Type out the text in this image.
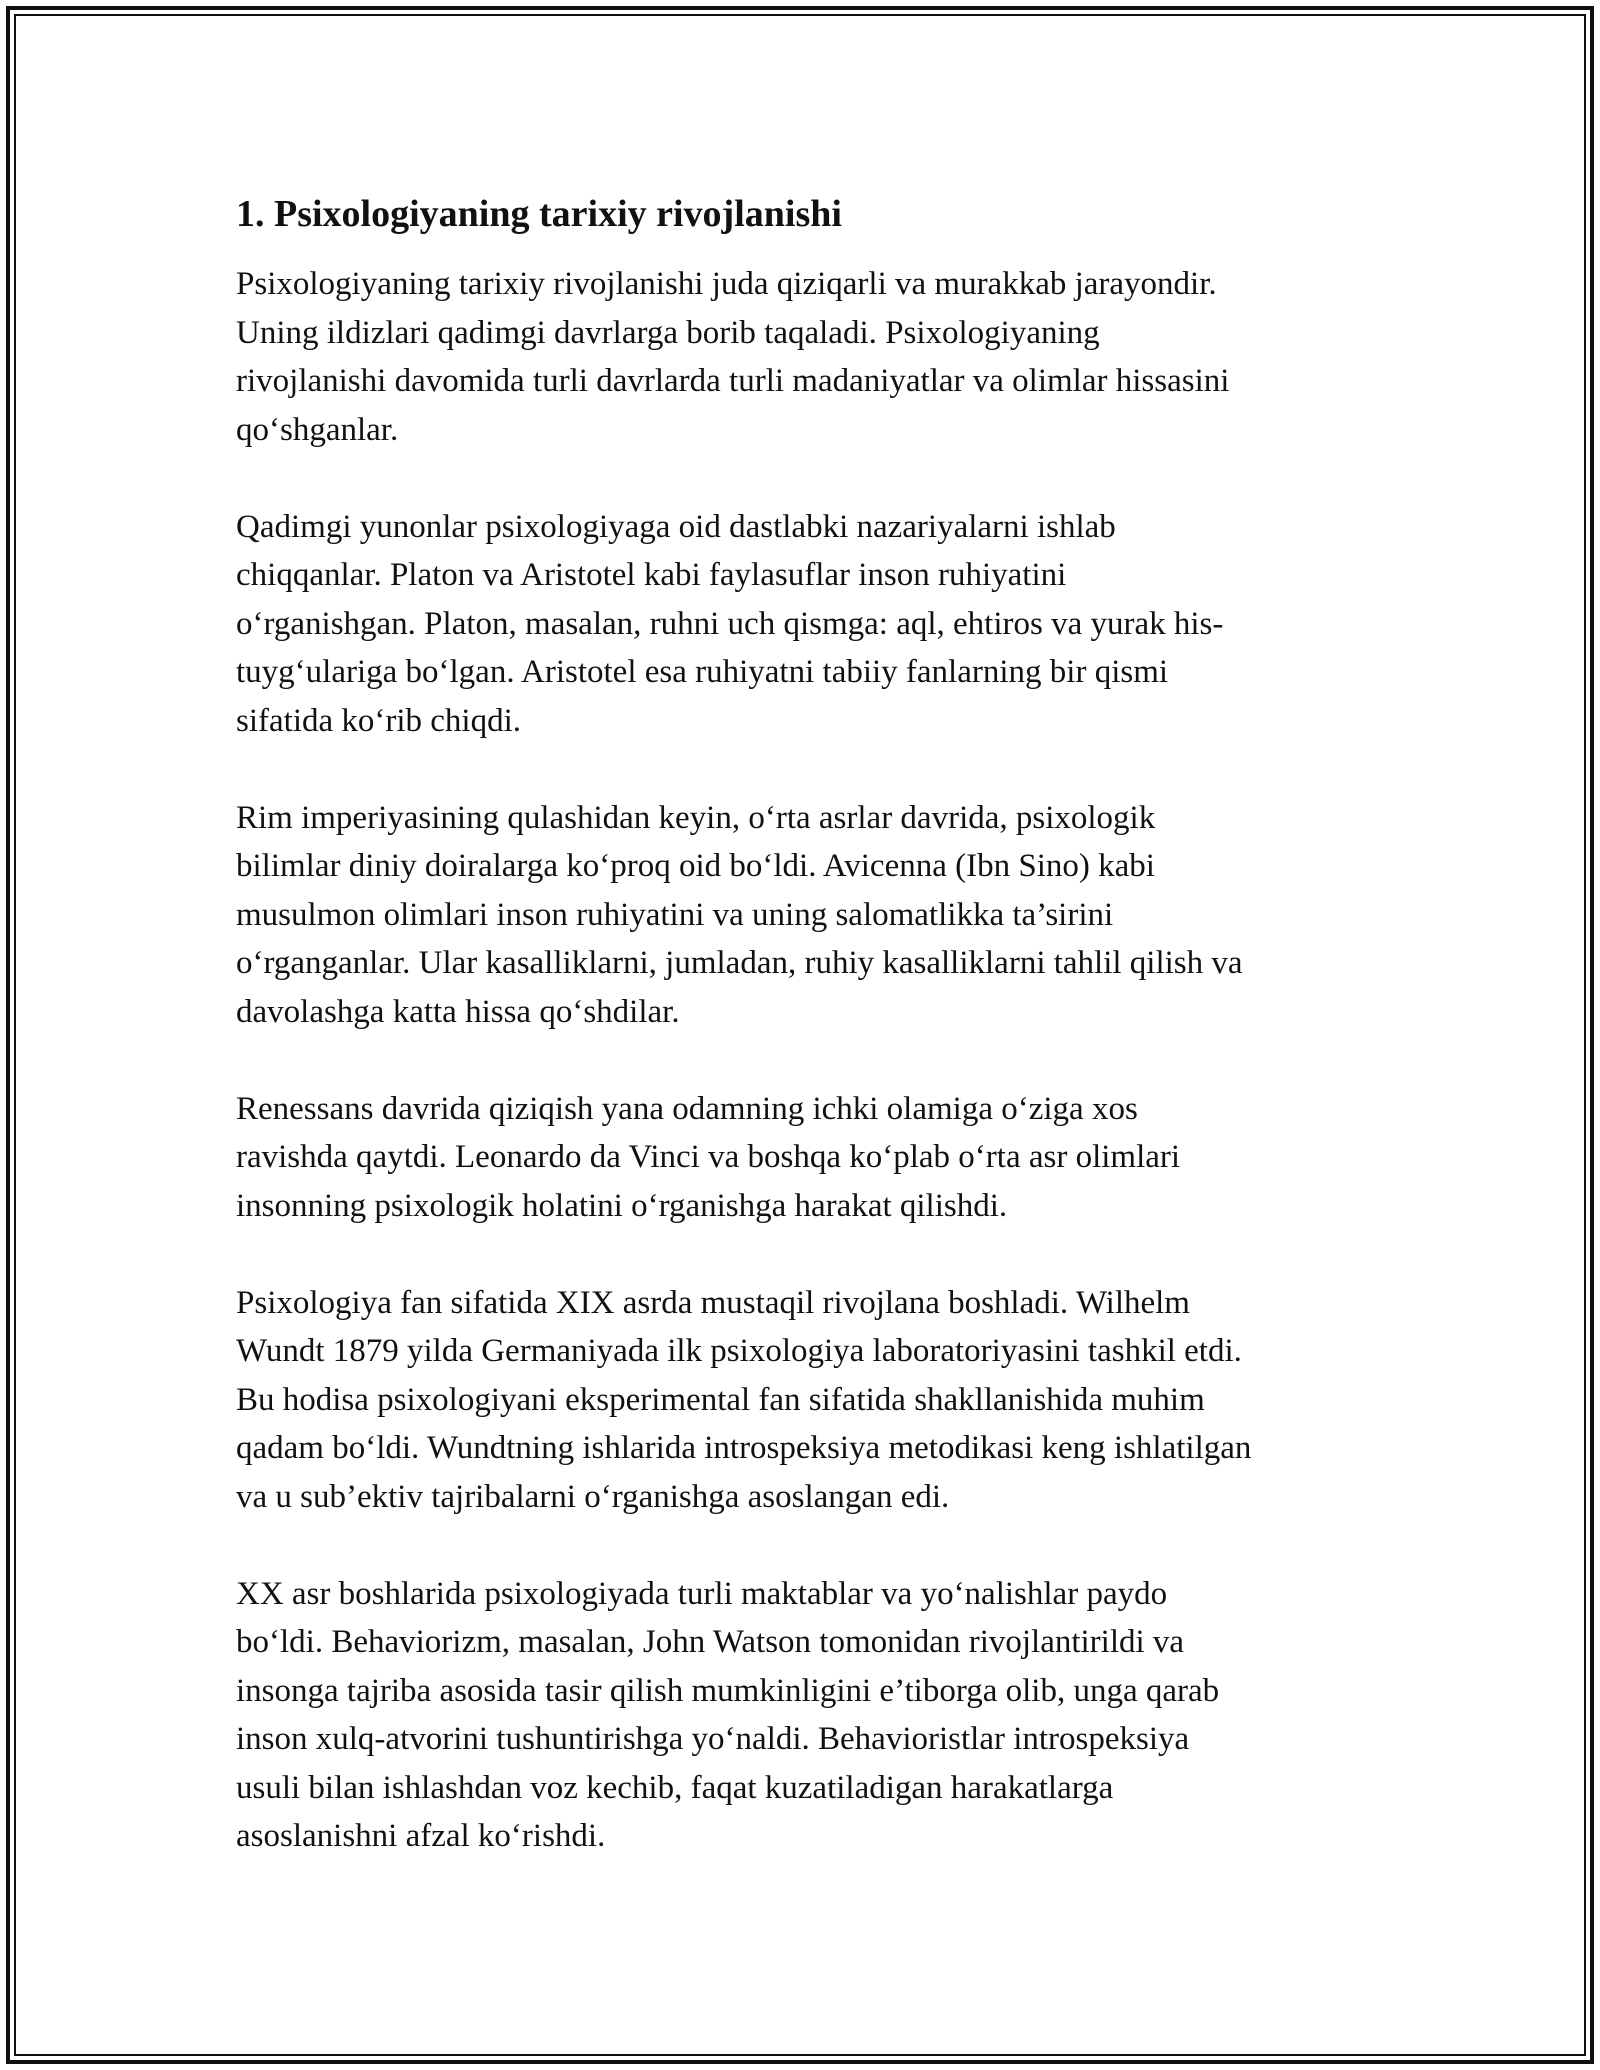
1. Psixologiyaning tarixiy rivojlanishi
Psixologiyaning tarixiy rivojlanishi juda qiziqarli va murakkab jarayondir.
Uning ildizlari qadimgi davrlarga borib taqaladi. Psixologiyaning
rivojlanishi davomida turli davrlarda turli madaniyatlar va olimlar hissasini
qo‘shganlar.
Qadimgi yunonlar psixologiyaga oid dastlabki nazariyalarni ishlab
chiqqanlar. Platon va Aristotel kabi faylasuflar inson ruhiyatini
o‘rganishgan. Platon, masalan, ruhni uch qismga: aql, ehtiros va yurak his-
tuyg‘ulariga bo‘lgan. Aristotel esa ruhiyatni tabiiy fanlarning bir qismi
sifatida ko‘rib chiqdi.
Rim imperiyasining qulashidan keyin, o‘rta asrlar davrida, psixologik
bilimlar diniy doiralarga ko‘proq oid bo‘ldi. Avicenna (Ibn Sino) kabi
musulmon olimlari inson ruhiyatini va uning salomatlikka ta’sirini
o‘rganganlar. Ular kasalliklarni, jumladan, ruhiy kasalliklarni tahlil qilish va
davolashga katta hissa qo‘shdilar.
Renessans davrida qiziqish yana odamning ichki olamiga o‘ziga xos
ravishda qaytdi. Leonardo da Vinci va boshqa ko‘plab o‘rta asr olimlari
insonning psixologik holatini o‘rganishga harakat qilishdi.
Psixologiya fan sifatida XIX asrda mustaqil rivojlana boshladi. Wilhelm
Wundt 1879 yilda Germaniyada ilk psixologiya laboratoriyasini tashkil etdi.
Bu hodisa psixologiyani eksperimental fan sifatida shakllanishida muhim
qadam bo‘ldi. Wundtning ishlarida introspeksiya metodikasi keng ishlatilgan
va u sub’ektiv tajribalarni o‘rganishga asoslangan edi.
XX asr boshlarida psixologiyada turli maktablar va yo‘nalishlar paydo
bo‘ldi. Behaviorizm, masalan, John Watson tomonidan rivojlantirildi va
insonga tajriba asosida tasir qilish mumkinligini e’tiborga olib, unga qarab
inson xulq-atvorini tushuntirishga yo‘naldi. Behavioristlar introspeksiya
usuli bilan ishlashdan voz kechib, faqat kuzatiladigan harakatlarga
asoslanishni afzal ko‘rishdi.
